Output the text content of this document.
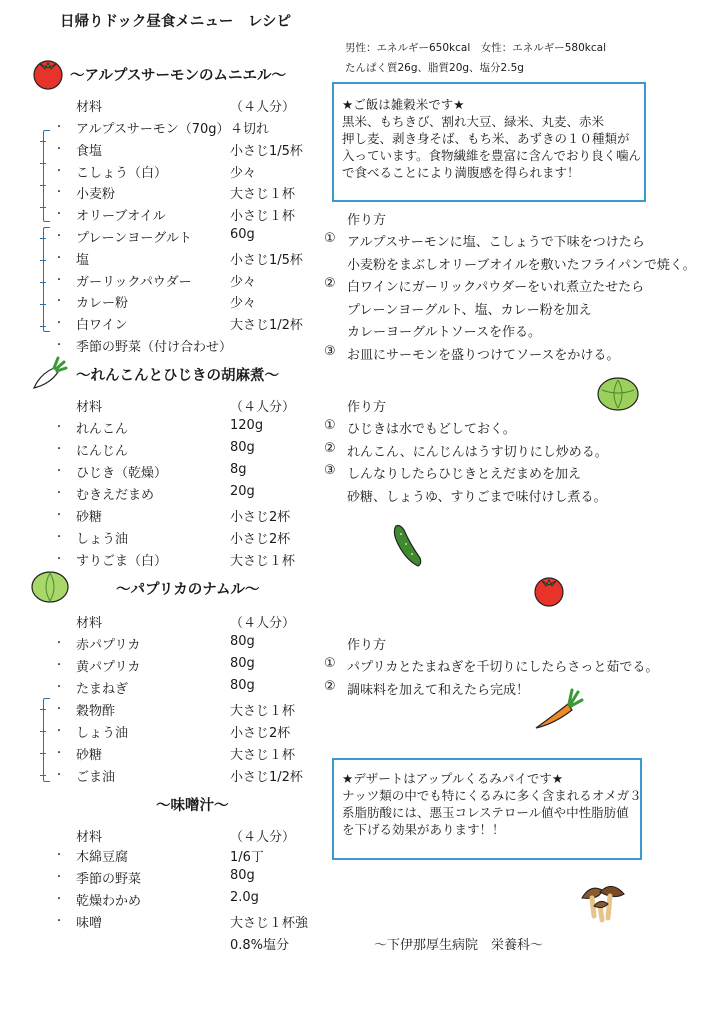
日帰りドック昼食メニュー　レシピ
男性：エネルギー650kcal　女性：エネルギー580kcal
たんぱく質26g、脂質20g、塩分2.5g
～アルプスサーモンのムニエル～
材料	（４人分）
・ アルプスサーモン（70g） ４切れ
・ 食塩	小さじ1/5杯
・ こしょう（白）	少々
・ 小麦粉	大さじ１杯
・ オリーブオイル	小さじ１杯
・ プレーンヨーグルト	60g
・ 塩	小さじ1/5杯
・ ガーリックパウダー	少々
・ カレー粉	少々
・ 白ワイン	大さじ1/2杯
・ 季節の野菜（付け合わせ）
★ご飯は雑穀米です★
黒米、もちきび、割れ大豆、緑米、丸麦、赤米
押し麦、剥き身そば、もち米、あずきの１０種類が
入っています。食物繊維を豊富に含んでおり良く噛ん
で食べることにより満腹感を得られます！
作り方
① アルプスサーモンに塩、こしょうで下味をつけたら
小麦粉をまぶしオリーブオイルを敷いたフライパンで焼く。
② 白ワインにガーリックパウダーをいれ煮立たせたら
プレーンヨーグルト、塩、カレー粉を加え
カレーヨーグルトソースを作る。
③ お皿にサーモンを盛りつけてソースをかける。
～れんこんとひじきの胡麻煮～
材料	（４人分）
・ れんこん	120g
・ にんじん	80g
・ ひじき（乾燥）	8g
・ むきえだまめ	20g
・ 砂糖	小さじ2杯
・ しょう油	小さじ2杯
・ すりごま（白）	大さじ１杯
作り方
① ひじきは水でもどしておく。
② れんこん、にんじんはうす切りにし炒める。
③ しんなりしたらひじきとえだまめを加え
砂糖、しょうゆ、すりごまで味付けし煮る。
～パプリカのナムル～
材料	（４人分）
・ 赤パプリカ	80g
・ 黄パプリカ	80g
・ たまねぎ	80g
・ 穀物酢	大さじ１杯
・ しょう油	小さじ2杯
・ 砂糖	大さじ１杯
・ ごま油	小さじ1/2杯
作り方
① パプリカとたまねぎを千切りにしたらさっと茹でる。
② 調味料を加えて和えたら完成！
★デザートはアップルくるみパイです★
ナッツ類の中でも特にくるみに多く含まれるオメガ３
系脂肪酸には、悪玉コレステロール値や中性脂肪値
を下げる効果があります！！
～味噌汁～
材料	（４人分）
・ 木綿豆腐	1/6丁
・ 季節の野菜	80g
・ 乾燥わかめ	2.0g
・ 味噌	大さじ１杯強
0.8%塩分	～下伊那厚生病院　栄養科～
